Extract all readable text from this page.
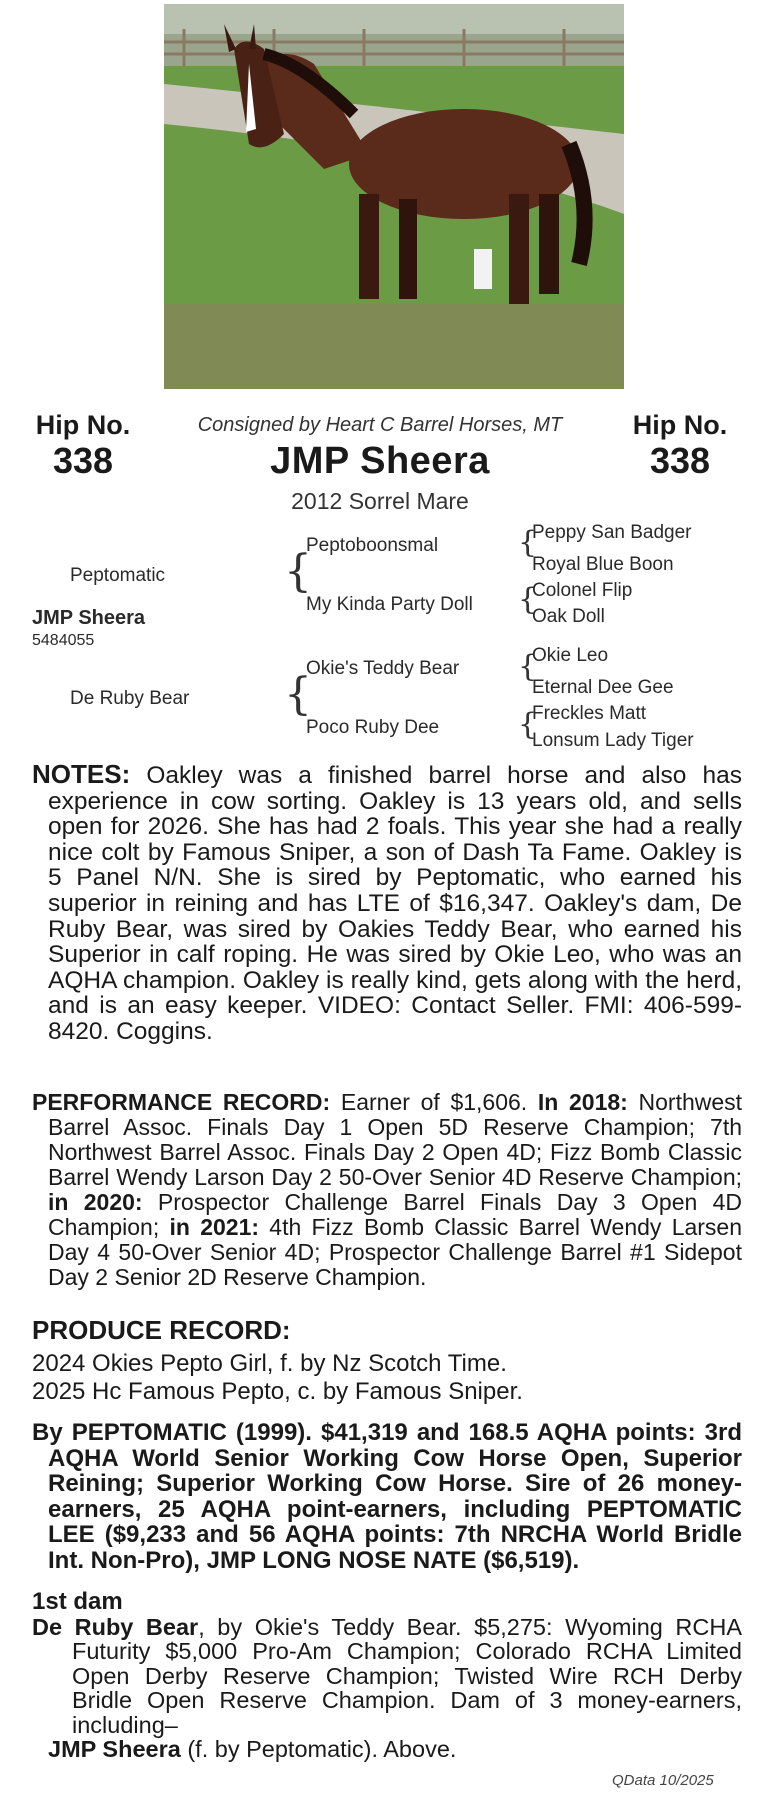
Hip No.
338
Hip No.
338
Consigned by Heart C Barrel Horses, MT
JMP Sheera
2012 Sorrel Mare
Peptomatic
JMP Sheera
5484055
De Ruby Bear
{
{
Peptoboonsmal
My Kinda Party Doll
Okie's Teddy Bear
Poco Ruby Dee
{
{
{
{
Peppy San Badger
Royal Blue Boon
Colonel Flip
Oak Doll
Okie Leo
Eternal Dee Gee
Freckles Matt
Lonsum Lady Tiger

NOTES: Oakley was a finished barrel horse and also has experience in cow sorting. Oakley is 13 years old, and sells open for 2026. She has had 2 foals. This year she had a really nice colt by Famous Sniper, a son of Dash Ta Fame. Oakley is 5 Panel N/N. She is sired by Peptomatic, who earned his superior in reining and has LTE of $16,347. Oakley's dam, De Ruby Bear, was sired by Oakies Teddy Bear, who earned his Superior in calf roping. He was sired by Okie Leo, who was an AQHA champion. Oakley is really kind, gets along with the herd, and is an easy keeper. VIDEO: Contact Seller. FMI: 406-599-8420. Coggins.

PERFORMANCE RECORD: Earner of $1,606. In 2018: Northwest Barrel Assoc. Finals Day 1 Open 5D Reserve Champion; 7th Northwest Barrel Assoc. Finals Day 2 Open 4D; Fizz Bomb Classic Barrel Wendy Larson Day 2 50-Over Senior 4D Reserve Champion; in 2020: Prospector Challenge Barrel Finals Day 3 Open 4D Champion; in 2021: 4th Fizz Bomb Classic Barrel Wendy Larsen Day 4 50-Over Senior 4D; Prospector Challenge Barrel #1 Sidepot Day 2 Senior 2D Reserve Champion.

PRODUCE RECORD:

2024 Okies Pepto Girl, f. by Nz Scotch Time.

2025 Hc Famous Pepto, c. by Famous Sniper.

By PEPTOMATIC (1999). $41,319 and 168.5 AQHA points: 3rd AQHA World Senior Working Cow Horse Open, Superior Reining; Superior Working Cow Horse. Sire of 26 money-earners, 25 AQHA point-earners, including PEPTOMATIC LEE ($9,233 and 56 AQHA points: 7th NRCHA World Bridle Int. Non-Pro), JMP LONG NOSE NATE ($6,519).

1st dam

De Ruby Bear, by Okie's Teddy Bear. $5,275: Wyoming RCHA Futurity $5,000 Pro-Am Champion; Colorado RCHA Limited Open Derby Reserve Champion; Twisted Wire RCH Derby Bridle Open Reserve Champion. Dam of 3 money-earners, including–

JMP Sheera (f. by Peptomatic). Above.

QData 10/2025
